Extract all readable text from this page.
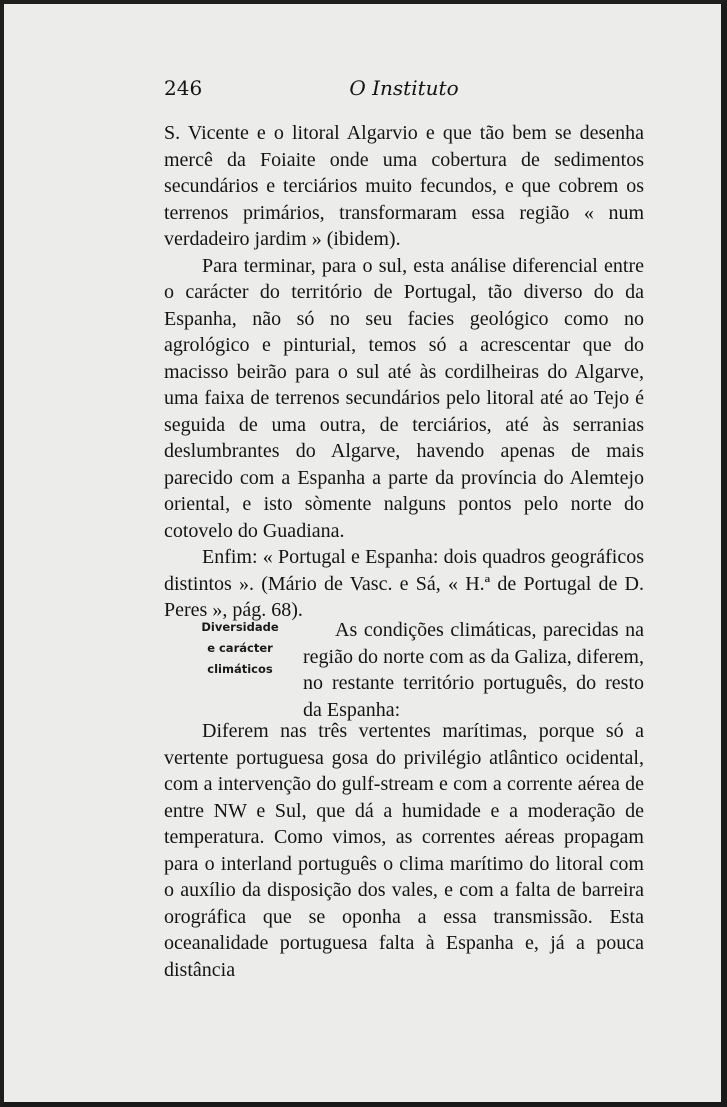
246	O Instituto

S. Vicente e o litoral Algarvio e que tão bem se desenha mercê da Foiaite onde uma cobertura de sedimentos secundários e terciários muito fecundos, e que cobrem os terrenos primários, transformaram essa região « num verdadeiro jardim » (ibidem).

Para terminar, para o sul, esta análise diferencial entre o carácter do território de Portugal, tão diverso do da Espanha, não só no seu facies geológico como no agrológico e pinturial, temos só a acrescentar que do macisso beirão para o sul até às cordilheiras do Algarve, uma faixa de terrenos secundários pelo litoral até ao Tejo é seguida de uma outra, de terciários, até às serranias deslumbrantes do Algarve, havendo apenas de mais parecido com a Espanha a parte da província do Alemtejo oriental, e isto sòmente nalguns pontos pelo norte do cotovelo do Guadiana.

Enfim: « Portugal e Espanha: dois quadros geográficos distintos ». (Mário de Vasc. e Sá, « H.ª de Portugal de D. Peres », pág. 68).

Diversidade
e carácter
climáticos

As condições climáticas, parecidas na região do norte com as da Galiza, diferem, no restante território português, do resto da Espanha:

Diferem nas três vertentes marítimas, porque só a vertente portuguesa gosa do privilégio atlântico ocidental, com a intervenção do gulf-stream e com a corrente aérea de entre NW e Sul, que dá a humidade e a moderação de temperatura. Como vimos, as correntes aéreas propagam para o interland português o clima marítimo do litoral com o auxílio da disposição dos vales, e com a falta de barreira orográfica que se oponha a essa transmissão. Esta oceanalidade portuguesa falta à Espanha e, já a pouca distância
